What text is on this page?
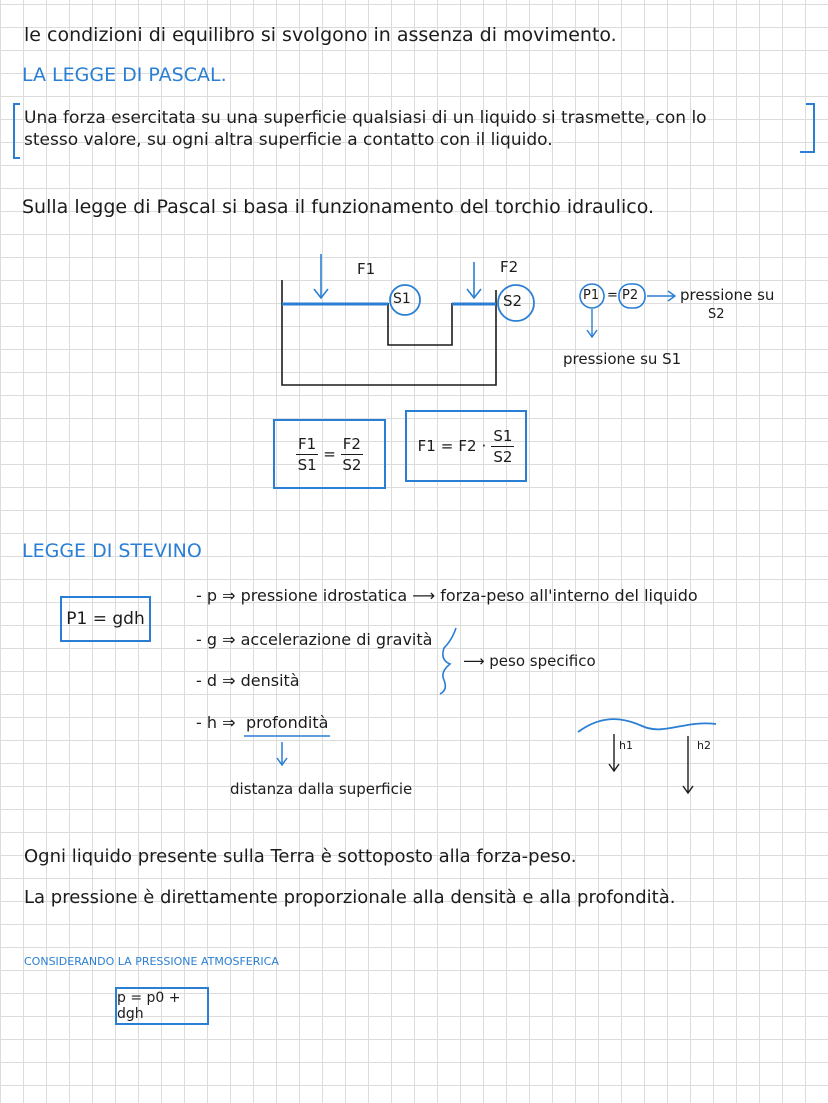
le condizioni di equilibro si svolgono in assenza di movimento.
LA LEGGE DI PASCAL.
Una forza esercitata su una superficie qualsiasi di un liquido si trasmette, con lo
stesso valore, su ogni altra superficie a contatto con il liquido.
Sulla legge di Pascal si basa il funzionamento del torchio idraulico.
F1	F2
S1	S2	P1 = P2	pressione su
S2
pressione su S1
$\frac{F1}{S1} = \frac{F2}{S2}$	$F1 = F2 \cdot \frac{S1}{S2}$
LEGGE DI STEVINO
P1 = gdh
- p ⇒ pressione idrostatica ⟶ forza-peso all'interno del liquido
- g ⇒ accelerazione di gravità
- d ⇒ densità
- h ⇒ profondità
⟶ peso specifico
distanza dalla superficie
h1	h2
Ogni liquido presente sulla Terra è sottoposto alla forza-peso.
La pressione è direttamente proporzionale alla densità e alla profondità.
CONSIDERANDO LA PRESSIONE ATMOSFERICA
p = p0 + dgh
